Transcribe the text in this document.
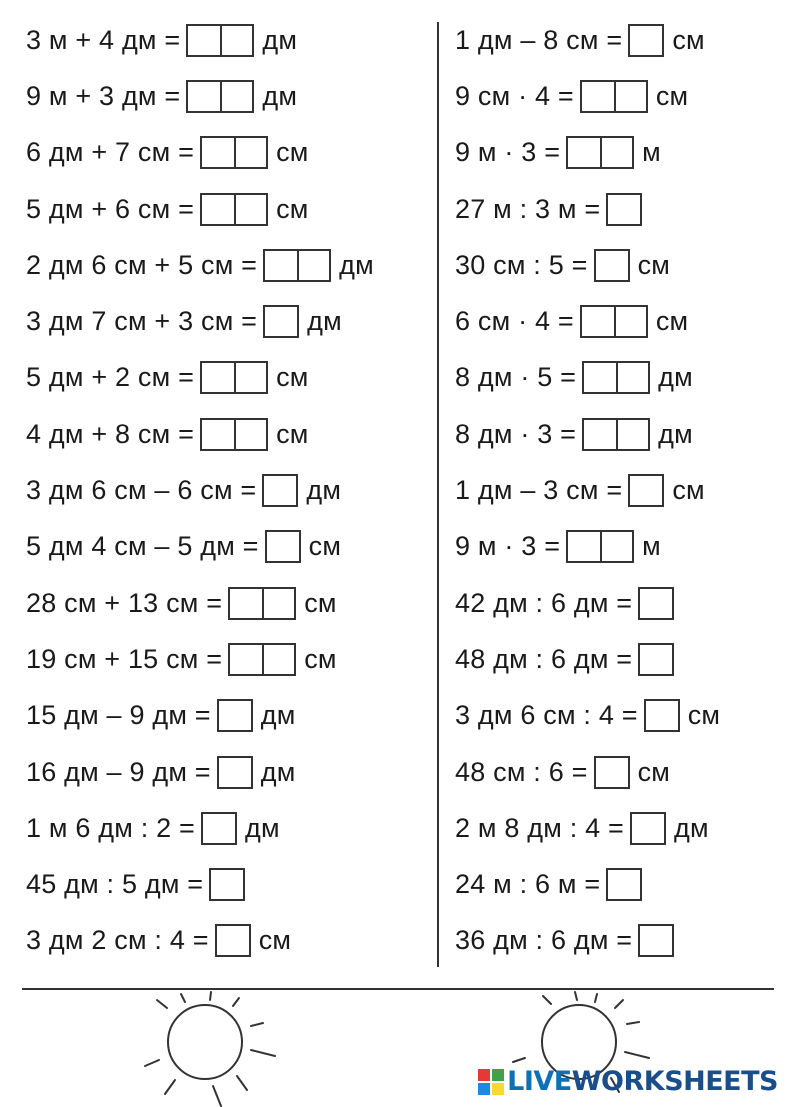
3 м + 4 дм =	дм
9 м + 3 дм =	дм
6 дм + 7 см =	см
5 дм + 6 см =	см
2 дм 6 см + 5 см =	дм
3 дм 7 см + 3 см = дм
5 дм + 2 см =	см
4 дм + 8 см =	см
3 дм 6 см – 6 см = дм
5 дм 4 см – 5 дм = см
28 см + 13 см =	см
19 см + 15 см =	см
15 дм – 9 дм = дм
16 дм – 9 дм = дм
1 м 6 дм : 2 = дм
45 дм : 5 дм =
3 дм 2 см : 4 = см
1 дм – 8 см = см
9 см · 4 =	см
9 м · 3 =	м
27 м : 3 м =
30 см : 5 = см
6 см · 4 =	см
8 дм · 5 =	дм
8 дм · 3 =	дм
1 дм – 3 см = см
9 м · 3 =	м
42 дм : 6 дм =
48 дм : 6 дм =
3 дм 6 см : 4 = см
48 см : 6 = см
2 м 8 дм : 4 = дм
24 м : 6 м =
36 дм : 6 дм =
LIVE WORKSHEETS
